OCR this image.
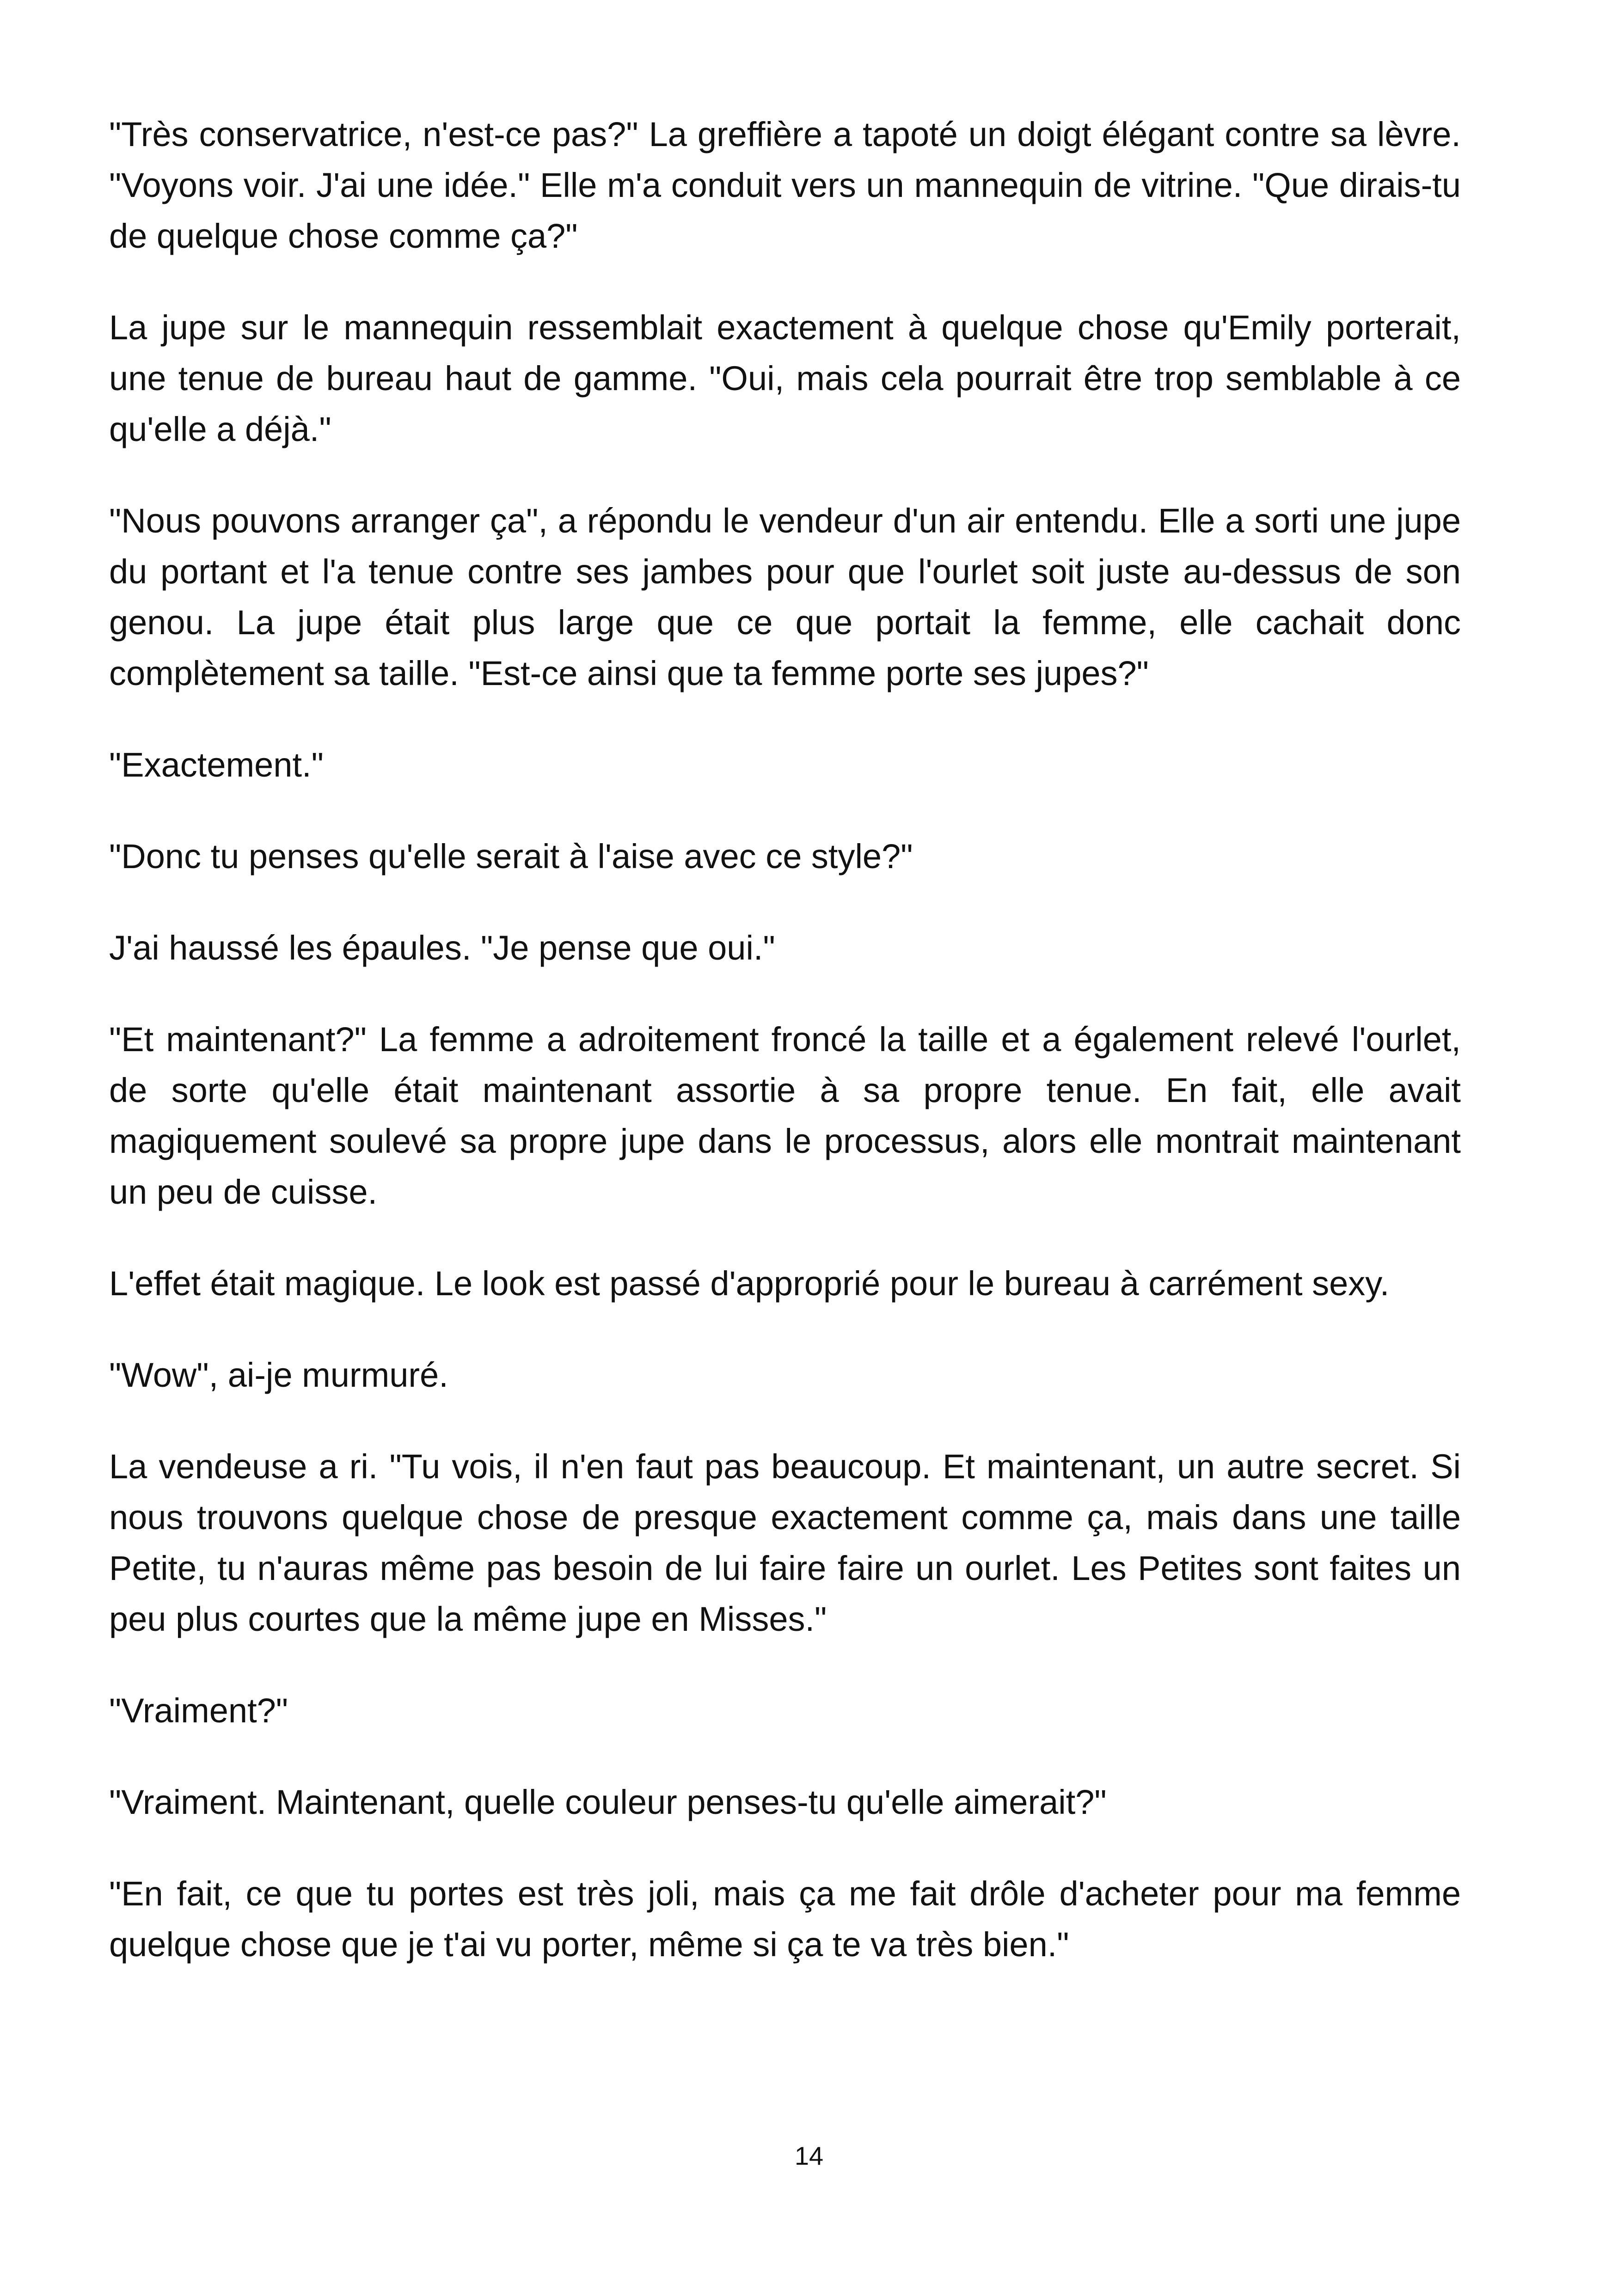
"Très conservatrice, n'est-ce pas?" La greffière a tapoté un doigt élégant contre sa lèvre. "Voyons voir. J'ai une idée." Elle m'a conduit vers un mannequin de vitrine. "Que dirais-tu de quelque chose comme ça?"

La jupe sur le mannequin ressemblait exactement à quelque chose qu'Emily porterait, une tenue de bureau haut de gamme. "Oui, mais cela pourrait être trop semblable à ce qu'elle a déjà."

"Nous pouvons arranger ça", a répondu le vendeur d'un air entendu. Elle a sorti une jupe du portant et l'a tenue contre ses jambes pour que l'ourlet soit juste au-dessus de son genou. La jupe était plus large que ce que portait la femme, elle cachait donc complètement sa taille. "Est-ce ainsi que ta femme porte ses jupes?"

"Exactement."

"Donc tu penses qu'elle serait à l'aise avec ce style?"

J'ai haussé les épaules. "Je pense que oui."

"Et maintenant?" La femme a adroitement froncé la taille et a également relevé l'ourlet, de sorte qu'elle était maintenant assortie à sa propre tenue. En fait, elle avait magiquement soulevé sa propre jupe dans le processus, alors elle montrait maintenant un peu de cuisse.

L'effet était magique. Le look est passé d'approprié pour le bureau à carrément sexy.

"Wow", ai-je murmuré.

La vendeuse a ri. "Tu vois, il n'en faut pas beaucoup. Et maintenant, un autre secret. Si nous trouvons quelque chose de presque exactement comme ça, mais dans une taille Petite, tu n'auras même pas besoin de lui faire faire un ourlet. Les Petites sont faites un peu plus courtes que la même jupe en Misses."

"Vraiment?"

"Vraiment. Maintenant, quelle couleur penses-tu qu'elle aimerait?"

"En fait, ce que tu portes est très joli, mais ça me fait drôle d'acheter pour ma femme quelque chose que je t'ai vu porter, même si ça te va très bien."

14
